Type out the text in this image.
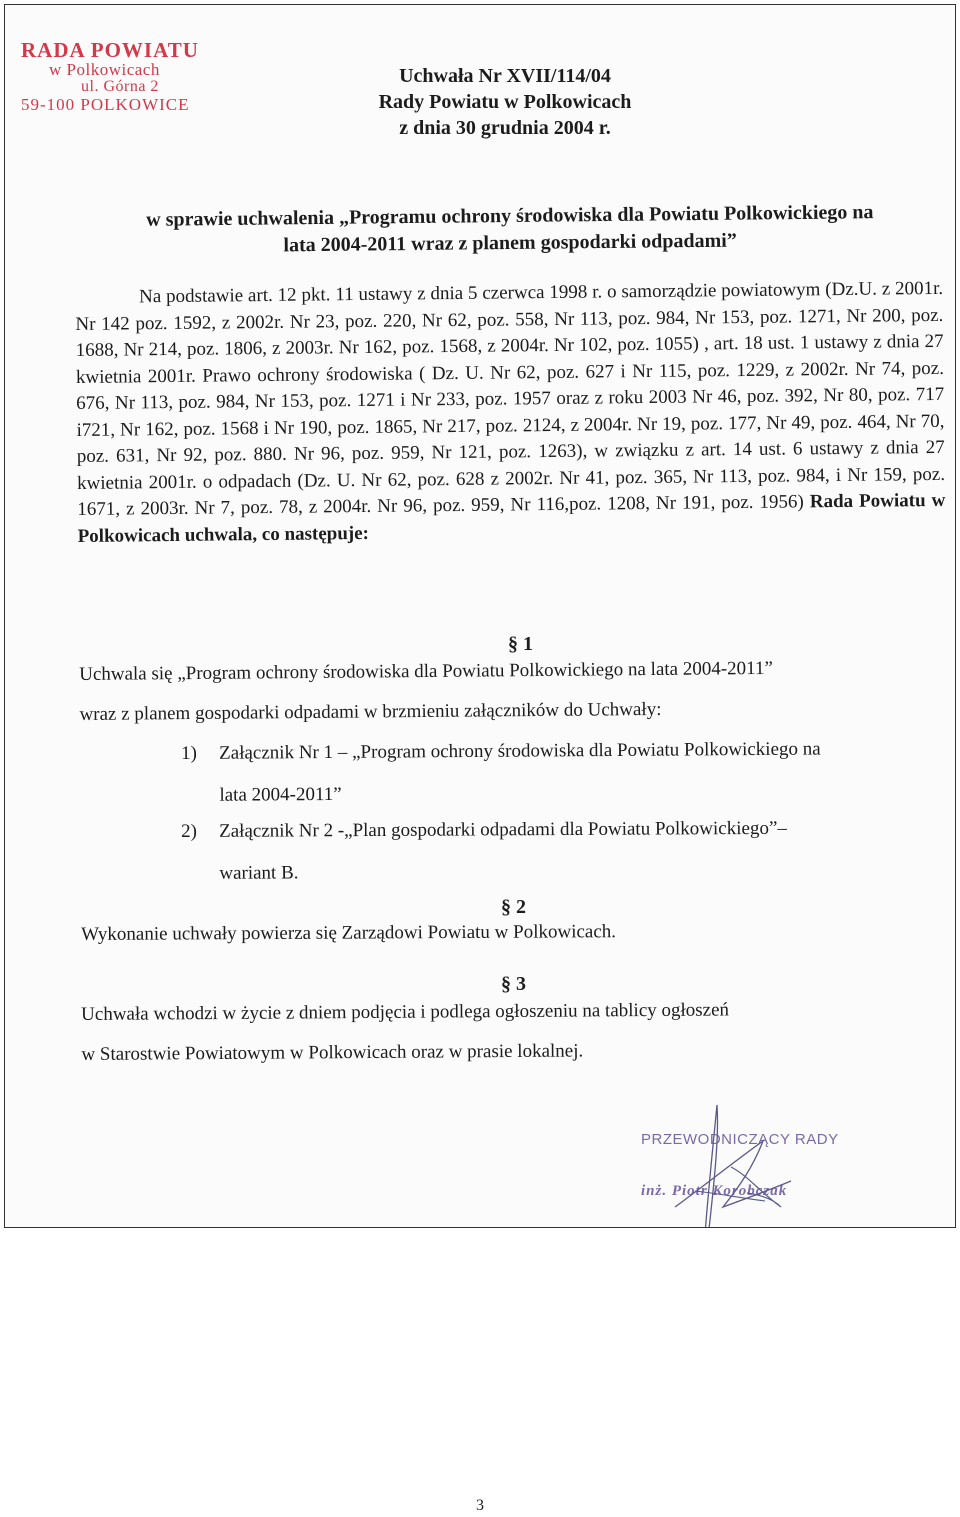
RADA POWIATU
w Polkowicach
ul. Górna 2
59-100 POLKOWICE
Uchwała Nr XVII/114/04
Rady Powiatu w Polkowicach
z dnia 30 grudnia 2004 r.
w sprawie uchwalenia „Programu ochrony środowiska dla Powiatu Polkowickiego na
lata 2004-2011 wraz z planem gospodarki odpadami”
Na podstawie art. 12 pkt. 11 ustawy z dnia 5 czerwca 1998 r. o samorządzie powiatowym (Dz.U. z 2001r. Nr 142 poz. 1592, z 2002r. Nr 23, poz. 220, Nr 62, poz. 558, Nr 113, poz. 984, Nr 153, poz. 1271, Nr 200, poz. 1688, Nr 214, poz. 1806, z 2003r. Nr 162, poz. 1568, z 2004r. Nr 102, poz. 1055) , art. 18 ust. 1 ustawy z dnia 27 kwietnia 2001r. Prawo ochrony środowiska ( Dz. U. Nr 62, poz. 627 i Nr 115, poz. 1229, z 2002r. Nr 74, poz. 676, Nr 113, poz. 984, Nr 153, poz. 1271 i Nr 233, poz. 1957 oraz z roku 2003 Nr 46, poz. 392, Nr 80, poz. 717 i721, Nr 162, poz. 1568 i Nr 190, poz. 1865, Nr 217, poz. 2124, z 2004r. Nr 19, poz. 177, Nr 49, poz. 464, Nr 70, poz. 631, Nr 92, poz. 880. Nr 96, poz. 959, Nr 121, poz. 1263), w związku z art. 14 ust. 6 ustawy z dnia 27 kwietnia 2001r. o odpadach (Dz. U. Nr 62, poz. 628 z 2002r. Nr 41, poz. 365, Nr 113, poz. 984, i Nr 159, poz. 1671, z 2003r. Nr 7, poz. 78, z 2004r. Nr 96, poz. 959, Nr 116,poz. 1208, Nr 191, poz. 1956) Rada Powiatu w Polkowicach uchwala, co następuje:
§ 1
Uchwala się „Program ochrony środowiska dla Powiatu Polkowickiego na lata 2004-2011”
wraz z planem gospodarki odpadami w brzmieniu załączników do Uchwały:
1) Załącznik Nr 1 – „Program ochrony środowiska dla Powiatu Polkowickiego na
lata 2004-2011”
2) Załącznik Nr 2 -„Plan gospodarki odpadami dla Powiatu Polkowickiego”–
wariant B.
§ 2
Wykonanie uchwały powierza się Zarządowi Powiatu w Polkowicach.
§ 3
Uchwała wchodzi w życie z dniem podjęcia i podlega ogłoszeniu na tablicy ogłoszeń
w Starostwie Powiatowym w Polkowicach oraz w prasie lokalnej.
PRZEWODNICZĄCY RADY
inż. Piotr Korobczak
3
